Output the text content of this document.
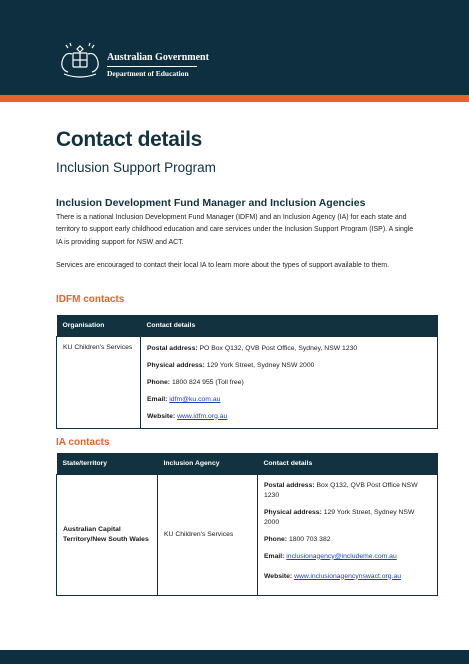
Australian Government
Department of Education
Contact details
Inclusion Support Program
Inclusion Development Fund Manager and Inclusion Agencies
There is a national Inclusion Development Fund Manager (IDFM) and an Inclusion Agency (IA) for each state and territory to support early childhood education and care services under the Inclusion Support Program (ISP). A single IA is providing support for NSW and ACT.
Services are encouraged to contact their local IA to learn more about the types of support available to them.
IDFM contacts
Organisation	Contact details
KU Children's Services	Postal address: PO Box Q132, QVB Post Office, Sydney, NSW 1230
Physical address: 129 York Street, Sydney NSW 2000
Phone: 1800 824 955 (Toll free)
Email: idfm@ku.com.au
Website: www.idfm.org.au
IA contacts
State/territory	Inclusion Agency	Contact details
Australian Capital Territory/New South Wales	KU Children's Services	Postal address: Box Q132, QVB Post Office NSW 1230
Physical address: 129 York Street, Sydney NSW 2000
Phone: 1800 703 382
Email: inclusionagency@includeme.com.au
Website: www.inclusionagencynswact.org.au
